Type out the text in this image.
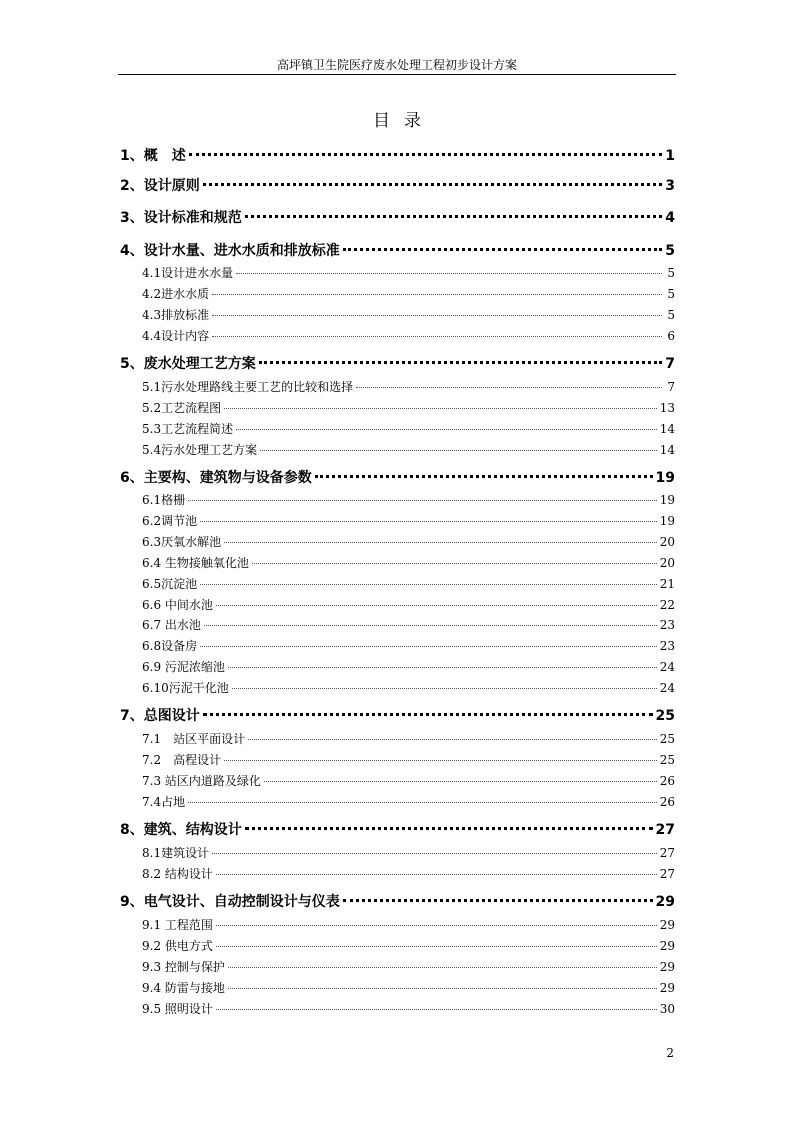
高坪镇卫生院医疗废水处理工程初步设计方案
目录
1、概　述	1
2、设计原则	3
3、设计标准和规范	4
4、设计水量、进水水质和排放标准	5
4.1设计进水水量	5
4.2进水水质	5
4.3排放标准	5
4.4设计内容	6
5、废水处理工艺方案	7
5.1污水处理路线主要工艺的比较和选择	7
5.2工艺流程图	13
5.3工艺流程简述	14
5.4污水处理工艺方案	14
6、主要构、建筑物与设备参数	19
6.1格栅	19
6.2调节池	19
6.3厌氧水解池	20
6.4 生物接触氧化池	20
6.5沉淀池	21
6.6 中间水池	22
6.7 出水池	23
6.8设备房	23
6.9 污泥浓缩池	24
6.10污泥干化池	24
7、总图设计	25
7.1　站区平面设计	25
7.2　高程设计	25
7.3 站区内道路及绿化	26
7.4占地	26
8、建筑、结构设计	27
8.1建筑设计	27
8.2 结构设计	27
9、电气设计、自动控制设计与仪表	29
9.1 工程范围	29
9.2 供电方式	29
9.3 控制与保护	29
9.4 防雷与接地	29
9.5 照明设计	30
2
